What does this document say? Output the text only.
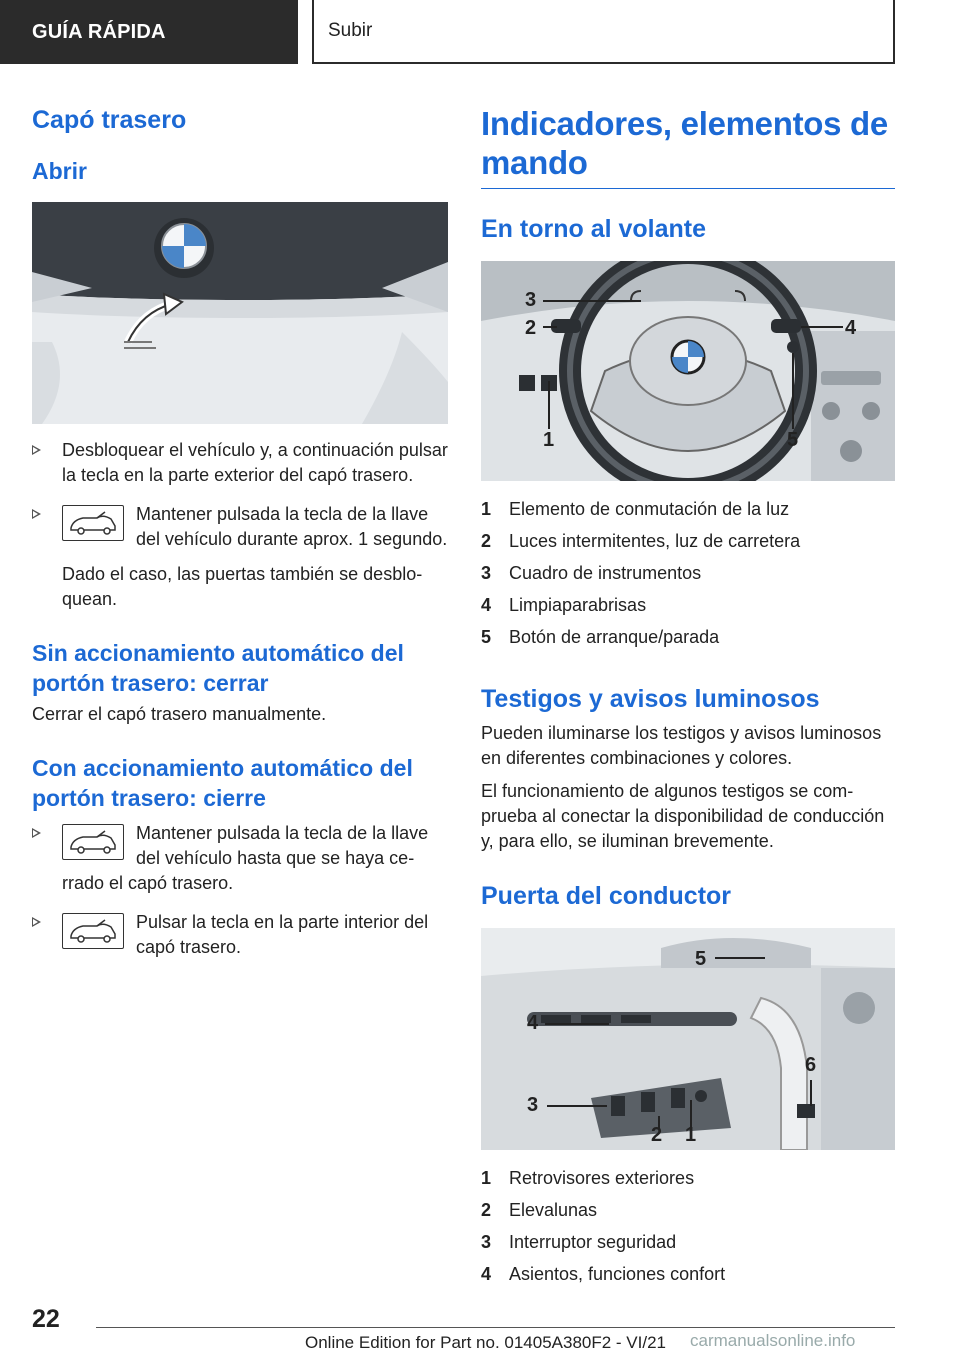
GUÍA RÁPIDA	Subir
Capó trasero
Abrir

Desbloquear el vehículo y, a continuación pulsar la tecla en la parte exterior del capó trasero.

Mantener pulsada la tecla de la llave del vehículo durante aprox. 1 segundo.

Dado el caso, las puertas también se desbloquean.

Sin accionamiento automático del portón trasero: cerrar

Cerrar el capó trasero manualmente.

Con accionamiento automático del portón trasero: cierre

Mantener pulsada la tecla de la llave del vehículo hasta que se haya cerrado el capó trasero.

Pulsar la tecla en la parte interior del capó trasero.

Indicadores, elementos de mando
En torno al volante
3
2	4
1	5
1 Elemento de conmutación de la luz
2 Luces intermitentes, luz de carretera
3 Cuadro de instrumentos
4 Limpiaparabrisas
5 Botón de arranque/parada
Testigos y avisos luminosos

Pueden iluminarse los testigos y avisos luminosos en diferentes combinaciones y colores.

El funcionamiento de algunos testigos se comprueba al conectar la disponibilidad de conducción y, para ello, se iluminan brevemente.

Puerta del conductor
5
4
6
3
2 1
1 Retrovisores exteriores
2 Elevalunas
3 Interruptor seguridad
4 Asientos, funciones confort
22
Online Edition for Part no. 01405A380F2 - VI/21 carmanualsonline.info
